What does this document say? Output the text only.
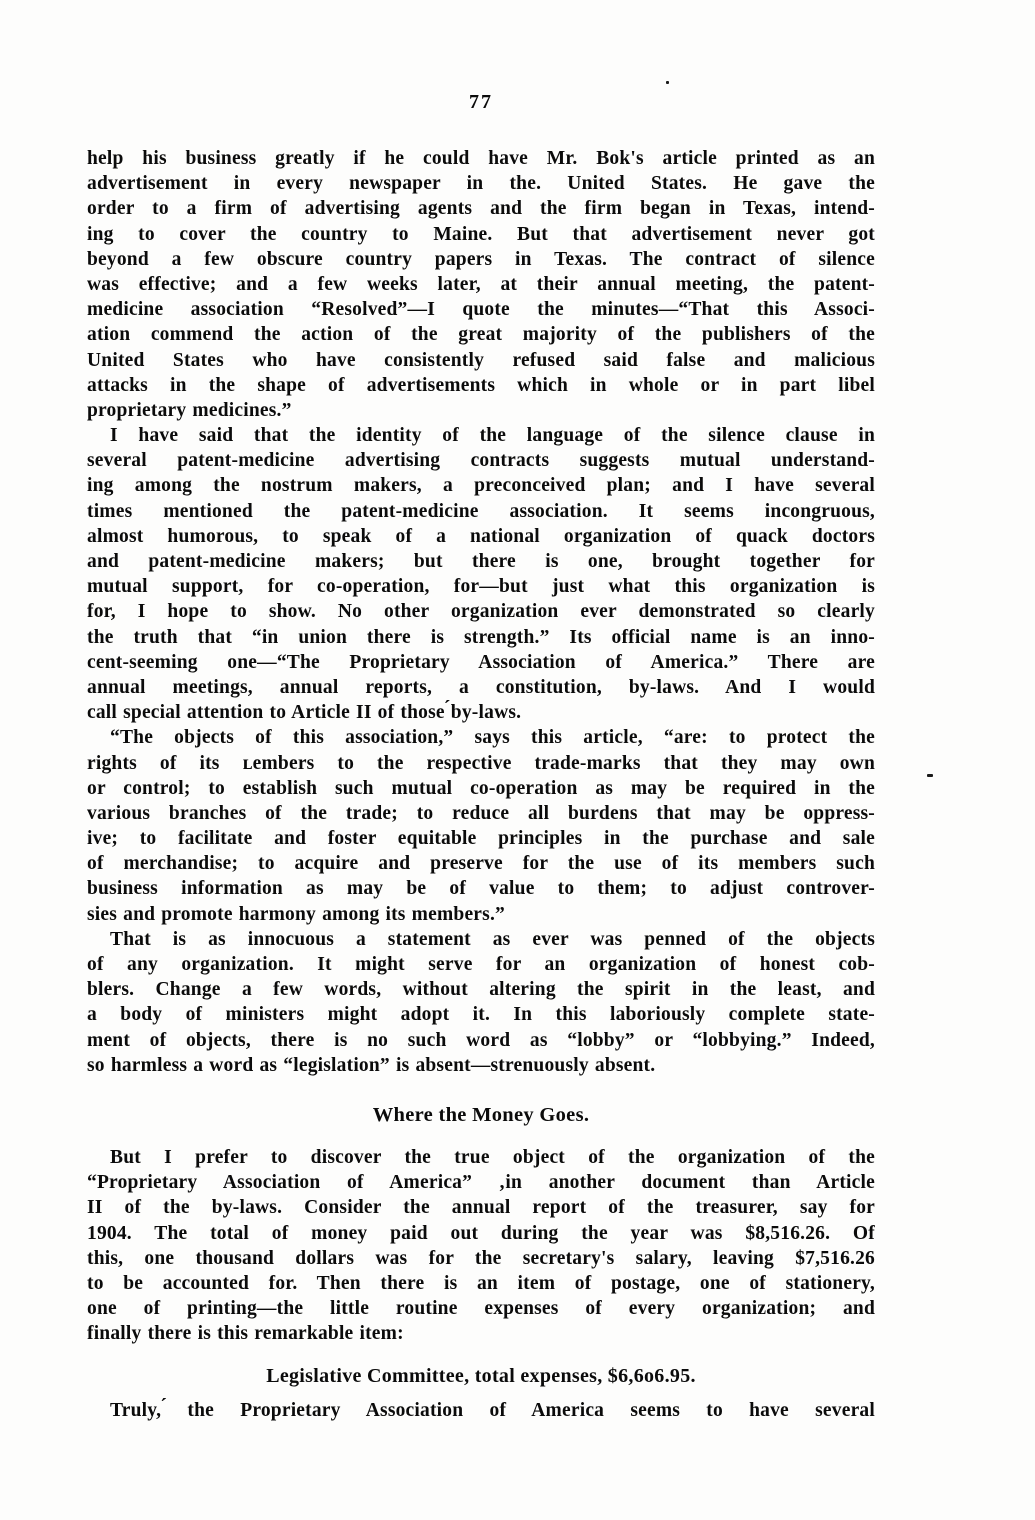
77
help his business greatly if he could have Mr. Bok's article printed as an
advertisement in every newspaper in the. United States. He gave the
order to a firm of advertising agents and the firm began in Texas, intend-
ing to cover the country to Maine. But that advertisement never got
beyond a few obscure country papers in Texas. The contract of silence
was effective; and a few weeks later, at their annual meeting, the patent-
medicine association “Resolved”—I quote the minutes—“That this Associ-
ation commend the action of the great majority of the publishers of the
United States who have consistently refused said false and malicious
attacks in the shape of advertisements which in whole or in part libel
proprietary medicines.”
I have said that the identity of the language of the silence clause in
several patent-medicine advertising contracts suggests mutual understand-
ing among the nostrum makers, a preconceived plan; and I have several
times mentioned the patent-medicine association. It seems incongruous,
almost humorous, to speak of a national organization of quack doctors
and patent-medicine makers; but there is one, brought together for
mutual support, for co-operation, for—but just what this organization is
for, I hope to show. No other organization ever demonstrated so clearly
the truth that “in union there is strength.” Its official name is an inno-
cent-seeming one—“The Proprietary Association of America.” There are
annual meetings, annual reports, a constitution, by-laws. And I would
call special attention to Article II of those ́by-laws.
“The objects of this association,” says this article, “are: to protect the
rights of its ʟembers to the respective trade-marks that they may own
or control; to establish such mutual co-operation as may be required in the
various branches of the trade; to reduce all burdens that may be oppress-
ive; to facilitate and foster equitable principles in the purchase and sale
of merchandise; to acquire and preserve for the use of its members such
business information as may be of value to them; to adjust controver-
sies and promote harmony among its members.”
That is as innocuous a statement as ever was penned of the objects
of any organization. It might serve for an organization of honest cob-
blers. Change a few words, without altering the spirit in the least, and
a body of ministers might adopt it. In this laboriously complete state-
ment of objects, there is no such word as “lobby” or “lobbying.” Indeed,
so harmless a word as “legislation” is absent—strenuously absent.
Where the Money Goes.
But I prefer to discover the true object of the organization of the
“Proprietary Association of America” ‚in another document than Article
II of the by-laws. Consider the annual report of the treasurer, say for
1904. The total of money paid out during the year was $8,516.26. Of
this, one thousand dollars was for the secretary's salary, leaving $7,516.26
to be accounted for. Then there is an item of postage, one of stationery,
one of printing—the little routine expenses of every organization; and
finally there is this remarkable item:
Legislative Committee, total expenses, $6,6o6.95.
Truly, ́the Proprietary Association of America seems to have several
